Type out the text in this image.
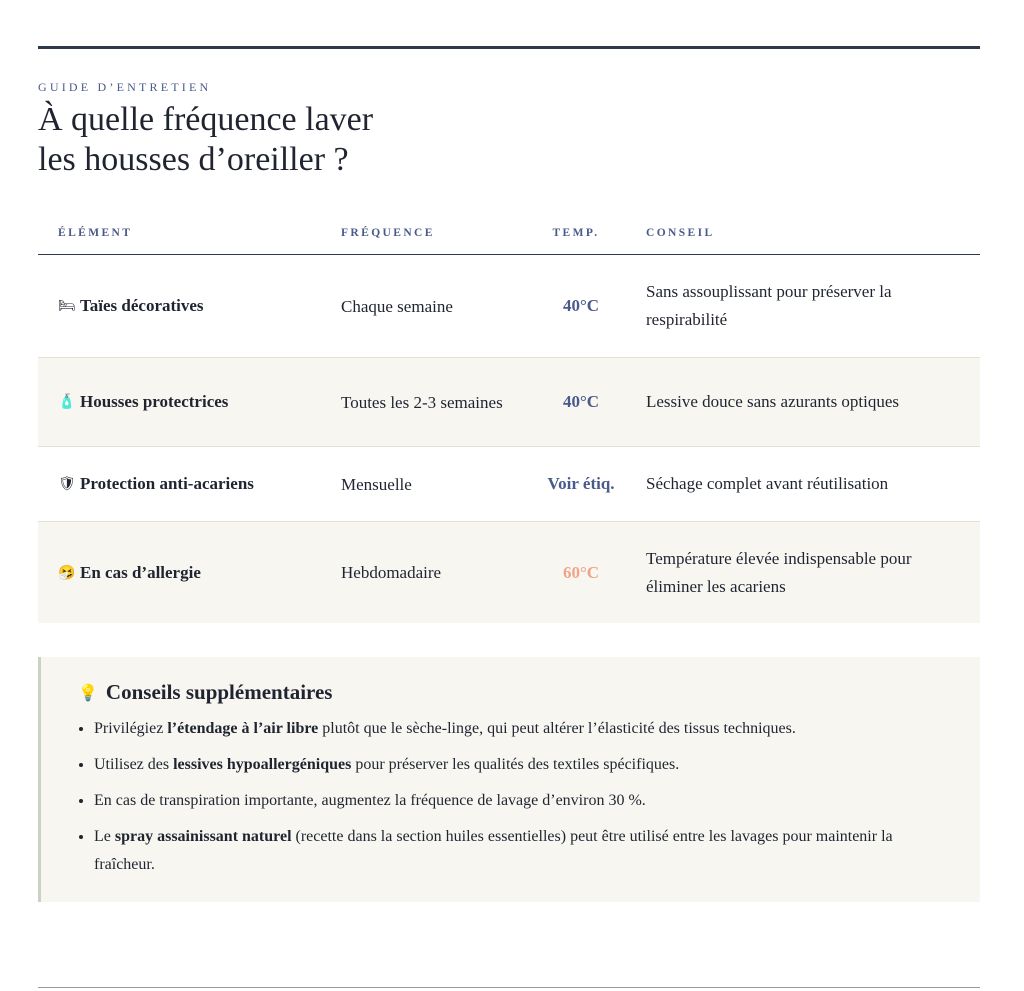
GUIDE D’ENTRETIEN
À quelle fréquence laver
les housses d’oreiller ?
ÉLÉMENT	FRÉQUENCE	TEMP.	CONSEIL
🛏 Taïes décoratives	Chaque semaine	40°C	Sans assouplissant pour préserver la respirabilité
🧴 Housses protectrices	Toutes les 2-3 semaines	40°C	Lessive douce sans azurants optiques
🛡 Protection anti-acariens	Mensuelle	Voir étiq.	Séchage complet avant réutilisation
🤧 En cas d’allergie	Hebdomadaire	60°C	Température élevée indispensable pour éliminer les acariens
💡 Conseils supplémentaires
• Privilégiez l’étendage à l’air libre plutôt que le sèche-linge, qui peut altérer l’élasticité des tissus techniques.
• Utilisez des lessives hypoallergéniques pour préserver les qualités des textiles spécifiques.
• En cas de transpiration importante, augmentez la fréquence de lavage d’environ 30 %.
• Le spray assainissant naturel (recette dans la section huiles essentielles) peut être utilisé entre les lavages pour maintenir la fraîcheur.
